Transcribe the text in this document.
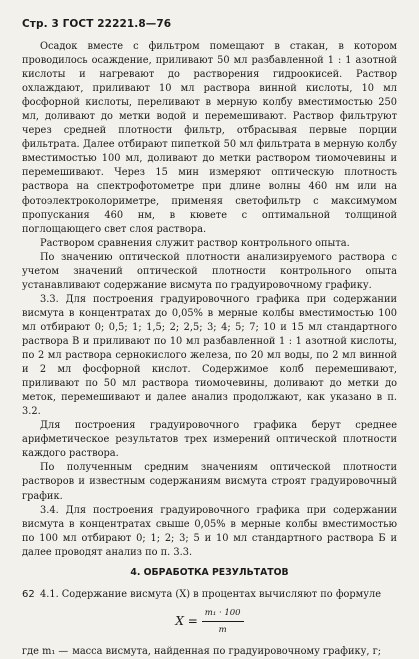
Стр. 3 ГОСТ 22221.8—76

Осадок вместе с фильтром помещают в стакан, в котором проводилось осаждение, приливают 50 мл разбавленной 1 : 1 азотной кислоты и нагревают до растворения гидроокисей. Раствор охлаждают, приливают 10 мл раствора винной кислоты, 10 мл фосфорной кислоты, переливают в мерную колбу вместимостью 250 мл, доливают до метки водой и перемешивают. Раствор фильтруют через средней плотности фильтр, отбрасывая первые порции фильтрата. Далее отбирают пипеткой 50 мл фильтрата в мерную колбу вместимостью 100 мл, доливают до метки раствором тиомочевины и перемешивают. Через 15 мин измеряют оптическую плотность раствора на спектрофотометре при длине волны 460 нм или на фотоэлектроколориметре, применяя светофильтр с максимумом пропускания 460 нм, в кювете с оптимальной толщиной поглощающего свет слоя раствора.

Раствором сравнения служит раствор контрольного опыта.

По значению оптической плотности анализируемого раствора с учетом значений оптической плотности контрольного опыта устанавливают содержание висмута по градуировочному графику.

3.3. Для построения градуировочного графика при содержании висмута в концентратах до 0,05% в мерные колбы вместимостью 100 мл отбирают 0; 0,5; 1; 1,5; 2; 2,5; 3; 4; 5; 7; 10 и 15 мл стандартного раствора В и приливают по 10 мл разбавленной 1 : 1 азотной кислоты, по 2 мл раствора сернокислого железа, по 20 мл воды, по 2 мл винной и 2 мл фосфорной кислот. Содержимое колб перемешивают, приливают по 50 мл раствора тиомочевины, доливают до метки до меток, перемешивают и далее анализ продолжают, как указано в п. 3.2.

Для построения градуировочного графика берут среднее арифметическое результатов трех измерений оптической плотности каждого раствора.

По полученным средним значениям оптической плотности растворов и известным содержаниям висмута строят градуировочный график.

3.4. Для построения градуировочного графика при содержании висмута в концентратах свыше 0,05% в мерные колбы вместимостью по 100 мл отбирают 0; 1; 2; 3; 5 и 10 мл стандартного раствора Б и далее проводят анализ по п. 3.3.

4. ОБРАБОТКА РЕЗУЛЬТАТОВ

4.1. Содержание висмута (X) в процентах вычисляют по формуле

$X = \frac{\text{m₁ · 100}}{m}$
где m₁ — масса висмута, найденная по градуировочному графику, г;
62
